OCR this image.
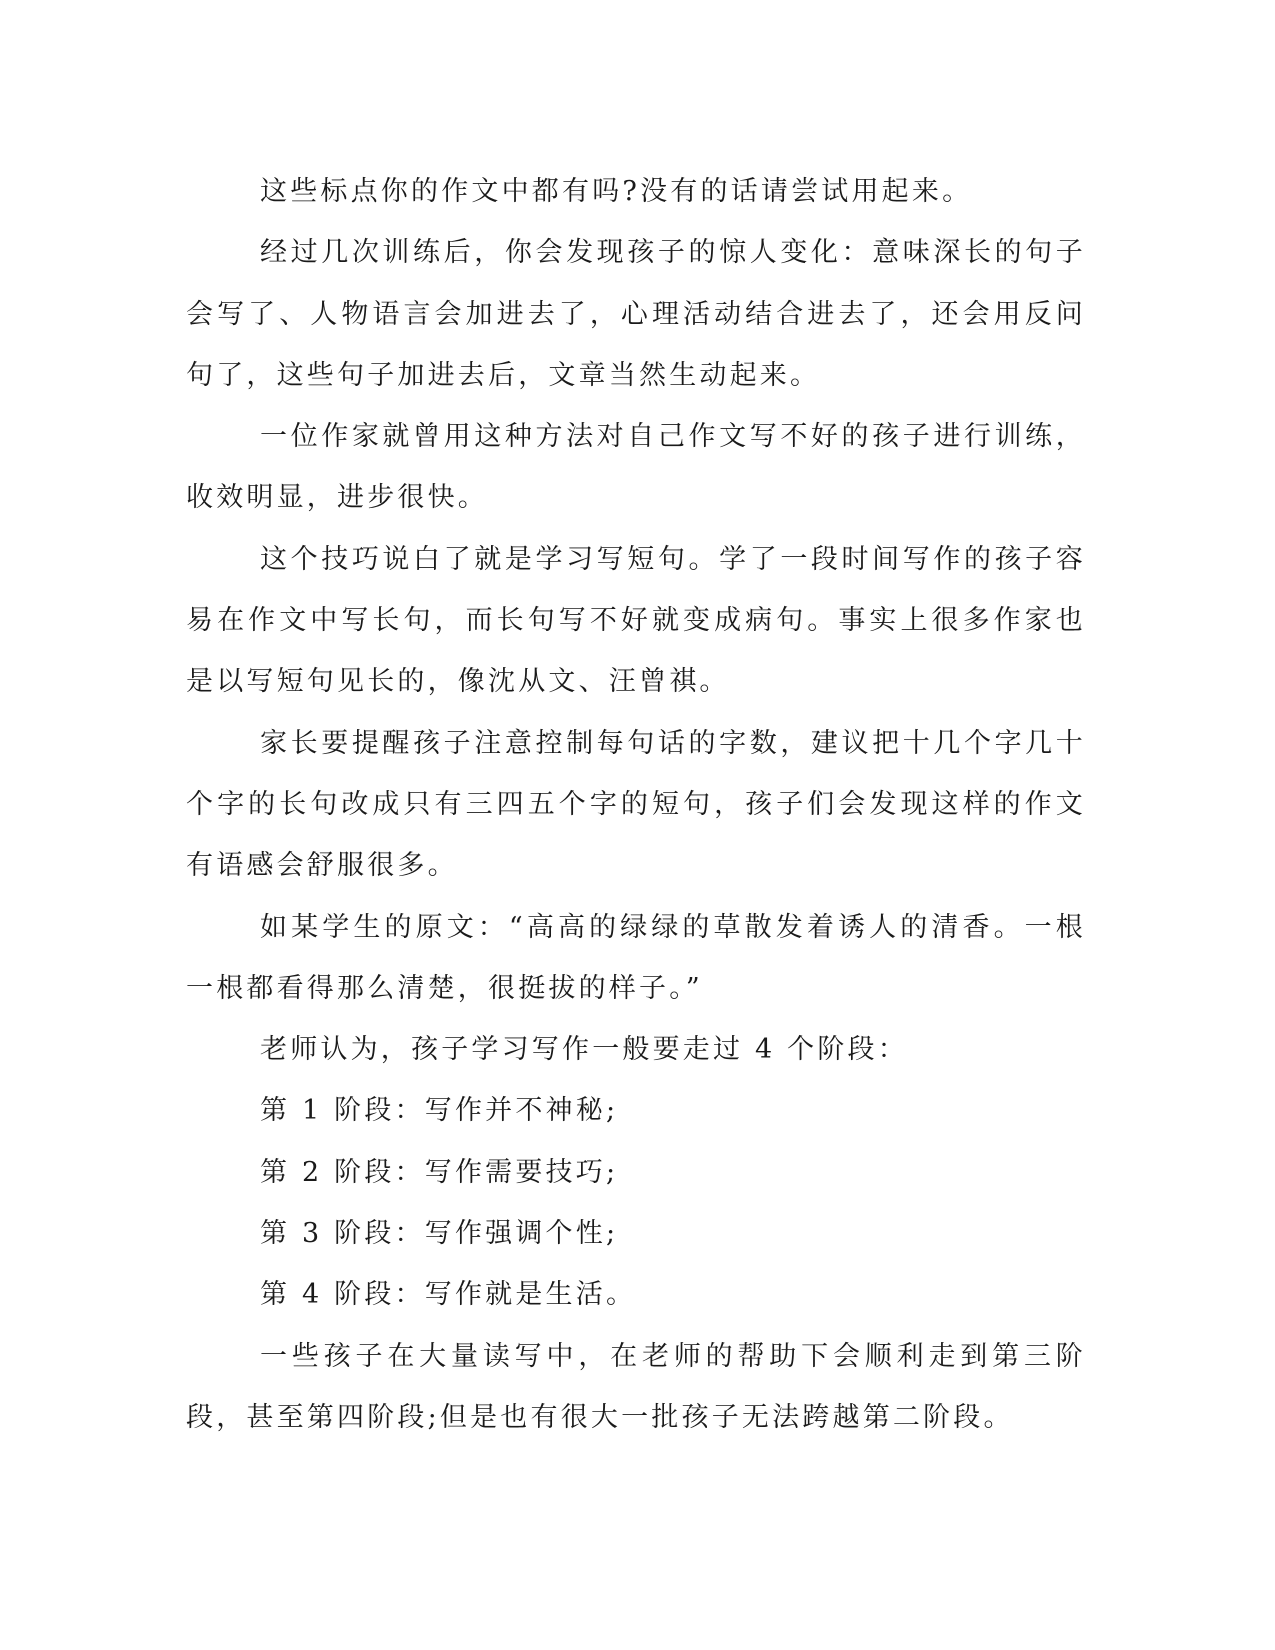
这些标点你的作文中都有吗?没有的话请尝试用起来。

经过几次训练后，你会发现孩子的惊人变化：意味深长的句子会写了、人物语言会加进去了，心理活动结合进去了，还会用反问句了，这些句子加进去后，文章当然生动起来。

一位作家就曾用这种方法对自己作文写不好的孩子进行训练，收效明显，进步很快。

这个技巧说白了就是学习写短句。学了一段时间写作的孩子容易在作文中写长句，而长句写不好就变成病句。事实上很多作家也是以写短句见长的，像沈从文、汪曾祺。

家长要提醒孩子注意控制每句话的字数，建议把十几个字几十个字的长句改成只有三四五个字的短句，孩子们会发现这样的作文有语感会舒服很多。

如某学生的原文：“高高的绿绿的草散发着诱人的清香。一根一根都看得那么清楚，很挺拔的样子。”

老师认为，孩子学习写作一般要走过 4 个阶段：

第 1 阶段：写作并不神秘;

第 2 阶段：写作需要技巧;

第 3 阶段：写作强调个性;

第 4 阶段：写作就是生活。

一些孩子在大量读写中，在老师的帮助下会顺利走到第三阶段，甚至第四阶段;但是也有很大一批孩子无法跨越第二阶段。
